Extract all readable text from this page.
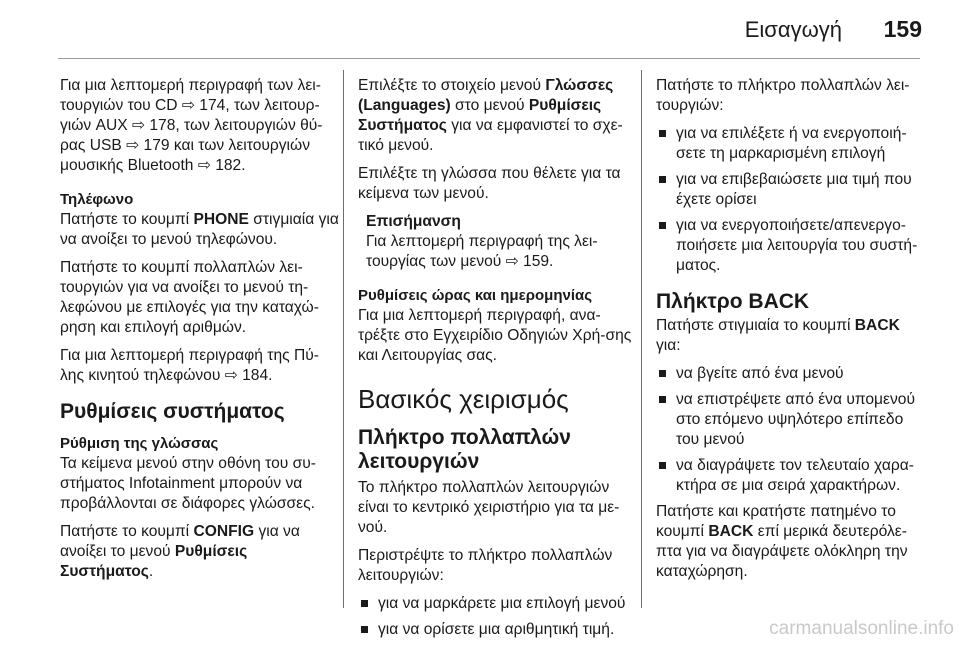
Εισαγωγή 159

Για μια λεπτομερή περιγραφή των λει-τουργιών του CD ⇨ 174, των λειτουρ-γιών AUX ⇨ 178, των λειτουργιών θύ-ρας USB ⇨ 179 και των λειτουργιών μουσικής Bluetooth ⇨ 182.

Τηλέφωνο

Πατήστε το κουμπί PHONE στιγμιαία για να ανοίξει το μενού τηλεφώνου.

Πατήστε το κουμπί πολλαπλών λει-τουργιών για να ανοίξει το μενού τη-λεφώνου με επιλογές για την καταχώ-ρηση και επιλογή αριθμών.

Για μια λεπτομερή περιγραφή της Πύ-λης κινητού τηλεφώνου ⇨ 184.

Ρυθμίσεις συστήματος
Ρύθμιση της γλώσσας

Τα κείμενα μενού στην οθόνη του συ-στήματος Infotainment μπορούν να προβάλλονται σε διάφορες γλώσσες.

Πατήστε το κουμπί CONFIG για να ανοίξει το μενού Ρυθμίσεις Συστήματος.

Επιλέξτε το στοιχείο μενού Γλώσσες (Languages) στο μενού Ρυθμίσεις Συστήματος για να εμφανιστεί το σχε-τικό μενού.

Επιλέξτε τη γλώσσα που θέλετε για τα κείμενα των μενού.

Επισήμανση
Για λεπτομερή περιγραφή της λει-τουργίας των μενού ⇨ 159.
Ρυθμίσεις ώρας και ημερομηνίας

Για μια λεπτομερή περιγραφή, ανα-τρέξτε στο Εγχειρίδιο Οδηγιών Χρή-σης και Λειτουργίας σας.

Βασικός χειρισμός
Πλήκτρο πολλαπλών λειτουργιών

Το πλήκτρο πολλαπλών λειτουργιών είναι το κεντρικό χειριστήριο για τα με-νού.

Περιστρέψτε το πλήκτρο πολλαπλών λειτουργιών:

για να μαρκάρετε μια επιλογή μενού
για να ορίσετε μια αριθμητική τιμή.

Πατήστε το πλήκτρο πολλαπλών λει-τουργιών:

για να επιλέξετε ή να ενεργοποιή-σετε τη μαρκαρισμένη επιλογή
για να επιβεβαιώσετε μια τιμή που έχετε ορίσει
για να ενεργοποιήσετε/απενεργο-ποιήσετε μια λειτουργία του συστή-ματος.
Πλήκτρο BACK

Πατήστε στιγμιαία το κουμπί BACK για:

να βγείτε από ένα μενού
να επιστρέψετε από ένα υπομενού στο επόμενο υψηλότερο επίπεδο του μενού
να διαγράψετε τον τελευταίο χαρα-κτήρα σε μια σειρά χαρακτήρων.

Πατήστε και κρατήστε πατημένο το κουμπί BACK επί μερικά δευτερόλε-πτα για να διαγράψετε ολόκληρη την καταχώρηση.

carmanualsonline.info
